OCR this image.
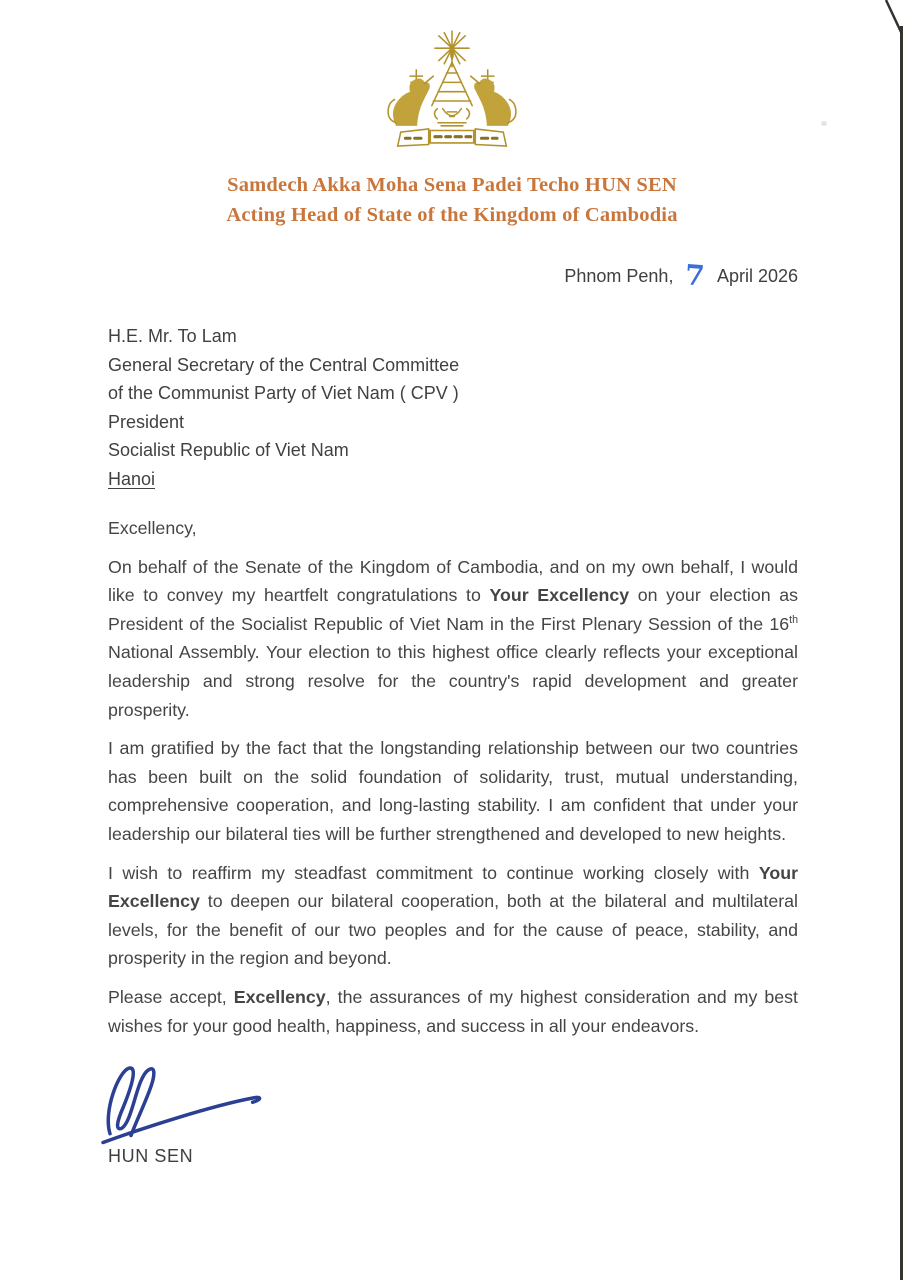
Samdech Akka Moha Sena Padei Techo HUN SEN
Acting Head of State of the Kingdom of Cambodia
Phnom Penh, 7 April 2026
H.E. Mr. To Lam
General Secretary of the Central Committee
of the Communist Party of Viet Nam ( CPV )
President
Socialist Republic of Viet Nam
Hanoi

Excellency,

On behalf of the Senate of the Kingdom of Cambodia, and on my own behalf, I would like to convey my heartfelt congratulations to Your Excellency on your election as President of the Socialist Republic of Viet Nam in the First Plenary Session of the 16th National Assembly. Your election to this highest office clearly reflects your exceptional leadership and strong resolve for the country's rapid development and greater prosperity.

I am gratified by the fact that the longstanding relationship between our two countries has been built on the solid foundation of solidarity, trust, mutual understanding, comprehensive cooperation, and long-lasting stability. I am confident that under your leadership our bilateral ties will be further strengthened and developed to new heights.

I wish to reaffirm my steadfast commitment to continue working closely with Your Excellency to deepen our bilateral cooperation, both at the bilateral and multilateral levels, for the benefit of our two peoples and for the cause of peace, stability, and prosperity in the region and beyond.

Please accept, Excellency, the assurances of my highest consideration and my best wishes for your good health, happiness, and success in all your endeavors.

HUN SEN
